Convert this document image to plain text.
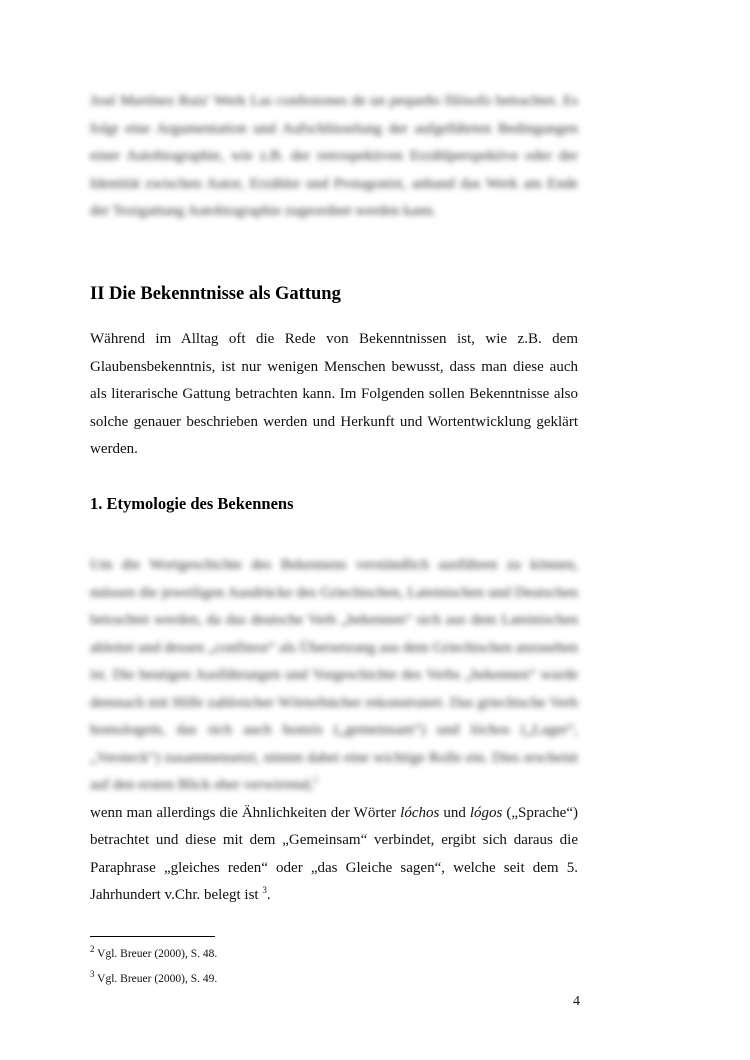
José Martínez Ruiz' Werk Las confesiones de un pequeño filósofo betrachtet. Es folgt eine Argumentation und Aufschlüsselung der aufgeführten Bedingungen einer Autobiographie, wie z.B. der retrospektiven Erzählperspektive oder der Identität zwischen Autor, Erzähler und Protagonist, anhand das Werk am Ende der Textgattung Autobiographie zugeordnet werden kann.

II Die Bekenntnisse als Gattung

Während im Alltag oft die Rede von Bekenntnissen ist, wie z.B. dem Glaubensbekenntnis, ist nur wenigen Menschen bewusst, dass man diese auch als literarische Gattung betrachten kann. Im Folgenden sollen Bekenntnisse also solche genauer beschrieben werden und Herkunft und Wortentwicklung geklärt werden.

1. Etymologie des Bekennens

Um die Wortgeschichte des Bekennens verständlich ausführen zu können, müssen die jeweiligen Ausdrücke des Griechischen, Lateinischen und Deutschen betrachtet werden, da das deutsche Verb „bekennen“ sich aus dem Lateinischen ableitet und dessen „confiteor“ als Übersetzung aus dem Griechischen anzusehen ist. Die heutigen Ausführungen und Vorgeschichte des Verbs „bekennen“ wurde demnach mit Hilfe zahlreicher Wörterbücher rekonstruiert. Das griechische Verb homologein, das sich auch homós („gemeinsam“) und lóchos („Lager“, „Versteck“) zusammensetzt, nimmt dabei eine wichtige Rolle ein. Dies erscheint auf den ersten Blick eher verwirrend,$^2$

wenn man allerdings die Ähnlichkeiten der Wörter lóchos und lógos („Sprache“) betrachtet und diese mit dem „Gemeinsam“ verbindet, ergibt sich daraus die Paraphrase „gleiches reden“ oder „das Gleiche sagen“, welche seit dem 5. Jahrhundert v.Chr. belegt ist $^3$.

$^2$ Vgl. Breuer (2000), S. 48.

$^3$ Vgl. Breuer (2000), S. 49.

4
